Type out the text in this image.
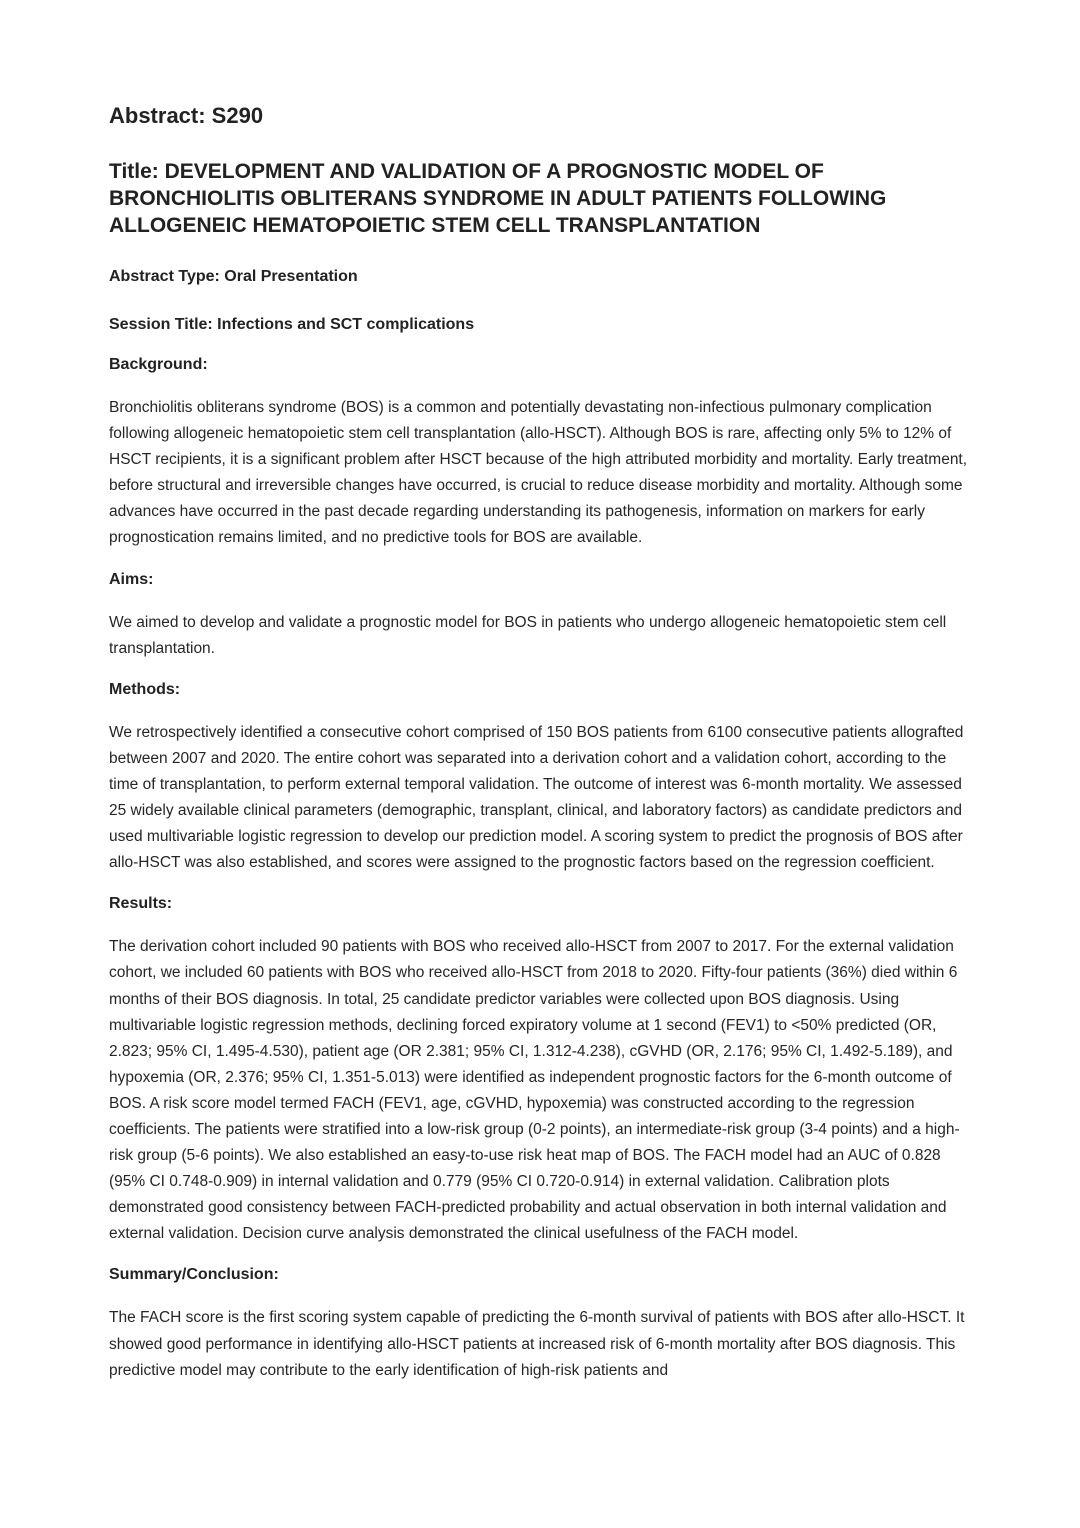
Abstract: S290
Title: DEVELOPMENT AND VALIDATION OF A PROGNOSTIC MODEL OF BRONCHIOLITIS OBLITERANS SYNDROME IN ADULT PATIENTS FOLLOWING ALLOGENEIC HEMATOPOIETIC STEM CELL TRANSPLANTATION
Abstract Type: Oral Presentation
Session Title: Infections and SCT complications
Background:
Bronchiolitis obliterans syndrome (BOS) is a common and potentially devastating non-infectious pulmonary complication following allogeneic hematopoietic stem cell transplantation (allo-HSCT). Although BOS is rare, affecting only 5% to 12% of HSCT recipients, it is a significant problem after HSCT because of the high attributed morbidity and mortality. Early treatment, before structural and irreversible changes have occurred, is crucial to reduce disease morbidity and mortality. Although some advances have occurred in the past decade regarding understanding its pathogenesis, information on markers for early prognostication remains limited, and no predictive tools for BOS are available.
Aims:
We aimed to develop and validate a prognostic model for BOS in patients who undergo allogeneic hematopoietic stem cell transplantation.
Methods:
We retrospectively identified a consecutive cohort comprised of 150 BOS patients from 6100 consecutive patients allografted between 2007 and 2020. The entire cohort was separated into a derivation cohort and a validation cohort, according to the time of transplantation, to perform external temporal validation. The outcome of interest was 6-month mortality. We assessed 25 widely available clinical parameters (demographic, transplant, clinical, and laboratory factors) as candidate predictors and used multivariable logistic regression to develop our prediction model. A scoring system to predict the prognosis of BOS after allo-HSCT was also established, and scores were assigned to the prognostic factors based on the regression coefficient.
Results:
The derivation cohort included 90 patients with BOS who received allo-HSCT from 2007 to 2017. For the external validation cohort, we included 60 patients with BOS who received allo-HSCT from 2018 to 2020. Fifty-four patients (36%) died within 6 months of their BOS diagnosis. In total, 25 candidate predictor variables were collected upon BOS diagnosis. Using multivariable logistic regression methods, declining forced expiratory volume at 1 second (FEV1) to <50% predicted (OR, 2.823; 95% CI, 1.495-4.530), patient age (OR 2.381; 95% CI, 1.312-4.238), cGVHD (OR, 2.176; 95% CI, 1.492-5.189), and hypoxemia (OR, 2.376; 95% CI, 1.351-5.013) were identified as independent prognostic factors for the 6-month outcome of BOS. A risk score model termed FACH (FEV1, age, cGVHD, hypoxemia) was constructed according to the regression coefficients. The patients were stratified into a low-risk group (0-2 points), an intermediate-risk group (3-4 points) and a high-risk group (5-6 points). We also established an easy-to-use risk heat map of BOS. The FACH model had an AUC of 0.828 (95% CI 0.748-0.909) in internal validation and 0.779 (95% CI 0.720-0.914) in external validation. Calibration plots demonstrated good consistency between FACH-predicted probability and actual observation in both internal validation and external validation. Decision curve analysis demonstrated the clinical usefulness of the FACH model.
Summary/Conclusion:
The FACH score is the first scoring system capable of predicting the 6-month survival of patients with BOS after allo-HSCT. It showed good performance in identifying allo-HSCT patients at increased risk of 6-month mortality after BOS diagnosis. This predictive model may contribute to the early identification of high-risk patients and
